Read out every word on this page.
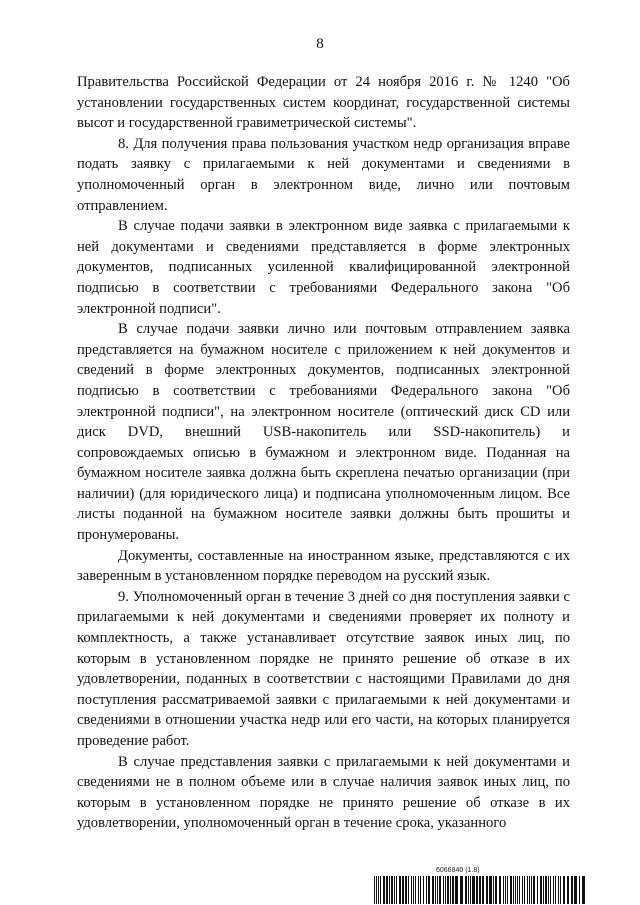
8

Правительства Российской Федерации от 24 ноября 2016 г. № 1240 "Об установлении государственных систем координат, государственной системы высот и государственной гравиметрической системы".

8. Для получения права пользования участком недр организация вправе подать заявку с прилагаемыми к ней документами и сведениями в уполномоченный орган в электронном виде, лично или почтовым отправлением.

В случае подачи заявки в электронном виде заявка с прилагаемыми к ней документами и сведениями представляется в форме электронных документов, подписанных усиленной квалифицированной электронной подписью в соответствии с требованиями Федерального закона "Об электронной подписи".

В случае подачи заявки лично или почтовым отправлением заявка представляется на бумажном носителе с приложением к ней документов и сведений в форме электронных документов, подписанных электронной подписью в соответствии с требованиями Федерального закона "Об электронной подписи", на электронном носителе (оптический диск CD или диск DVD, внешний USB-накопитель или SSD-накопитель) и сопровождаемых описью в бумажном и электронном виде. Поданная на бумажном носителе заявка должна быть скреплена печатью организации (при наличии) (для юридического лица) и подписана уполномоченным лицом. Все листы поданной на бумажном носителе заявки должны быть прошиты и пронумерованы.

Документы, составленные на иностранном языке, представляются с их заверенным в установленном порядке переводом на русский язык.

9. Уполномоченный орган в течение 3 дней со дня поступления заявки с прилагаемыми к ней документами и сведениями проверяет их полноту и комплектность, а также устанавливает отсутствие заявок иных лиц, по которым в установленном порядке не принято решение об отказе в их удовлетворении, поданных в соответствии с настоящими Правилами до дня поступления рассматриваемой заявки с прилагаемыми к ней документами и сведениями в отношении участка недр или его части, на которых планируется проведение работ.

В случае представления заявки с прилагаемыми к ней документами и сведениями не в полном объеме или в случае наличия заявок иных лиц, по которым в установленном порядке не принято решение об отказе в их удовлетворении, уполномоченный орган в течение срока, указанного

6066840 (1.8)
